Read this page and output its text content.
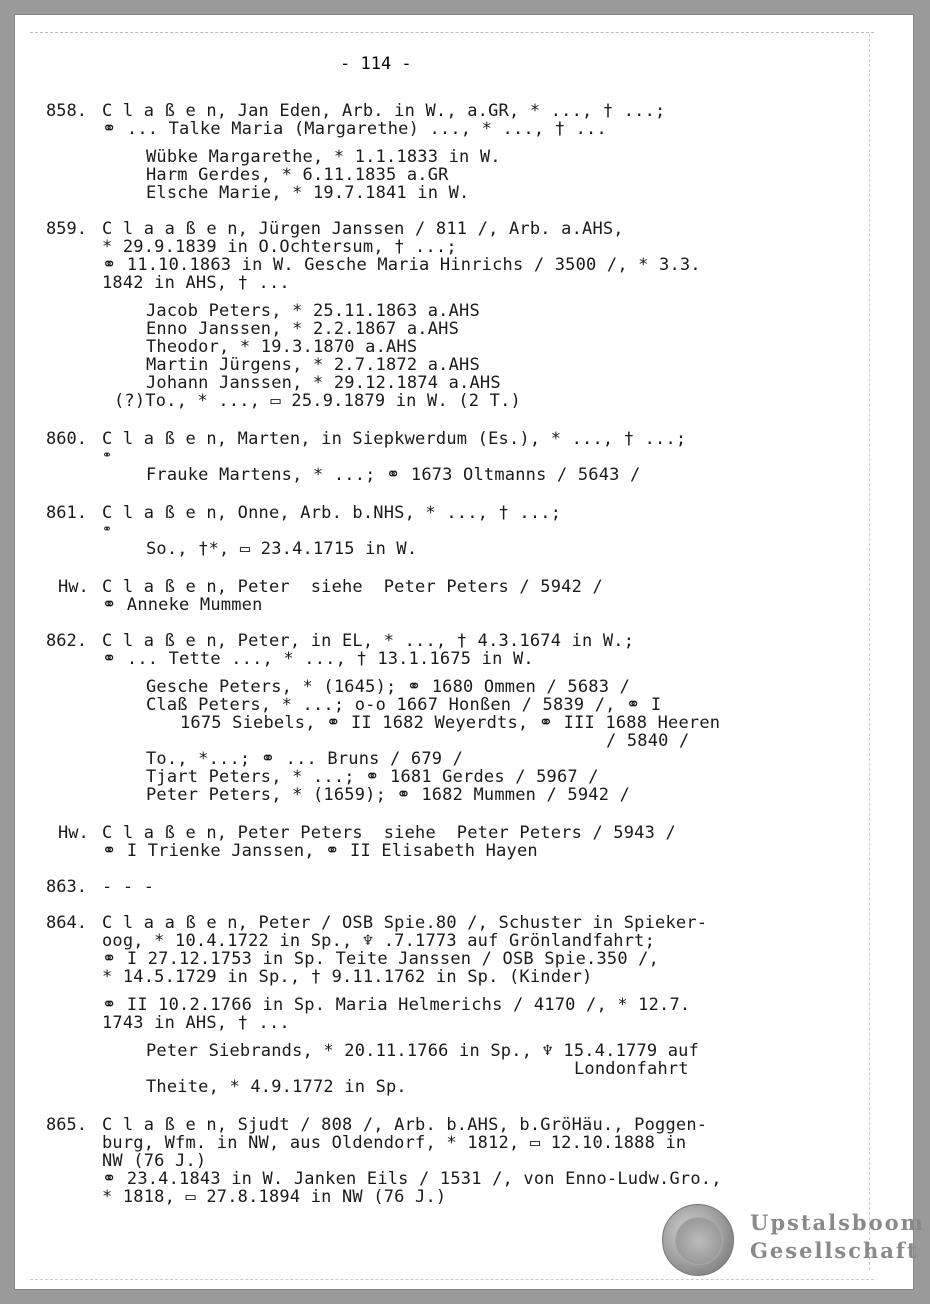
- 114 -
858. C l a ß e n, Jan Eden, Arb. in W., a.GR, * ..., † ...;
⚭ ... Talke Maria (Margarethe) ..., * ..., † ...
Wübke Margarethe, * 1.1.1833 in W.
Harm Gerdes, * 6.11.1835 a.GR
Elsche Marie, * 19.7.1841 in W.
859. C l a a ß e n, Jürgen Janssen / 811 /, Arb. a.AHS,
* 29.9.1839 in O.Ochtersum, † ...;
⚭ 11.10.1863 in W. Gesche Maria Hinrichs / 3500 /, * 3.3.
1842 in AHS, † ...
Jacob Peters, * 25.11.1863 a.AHS
Enno Janssen, * 2.2.1867 a.AHS
Theodor, * 19.3.1870 a.AHS
Martin Jürgens, * 2.7.1872 a.AHS
Johann Janssen, * 29.12.1874 a.AHS
(?)To., * ..., ▭ 25.9.1879 in W. (2 T.)
860. C l a ß e n, Marten, in Siepkwerdum (Es.), * ..., † ...;
⚭
Frauke Martens, * ...; ⚭ 1673 Oltmanns / 5643 /
861. C l a ß e n, Onne, Arb. b.NHS, * ..., † ...;
⚭
So., †*, ▭ 23.4.1715 in W.
Hw. C l a ß e n, Peter  siehe  Peter Peters / 5942 /
⚭ Anneke Mummen
862. C l a ß e n, Peter, in EL, * ..., † 4.3.1674 in W.;
⚭ ... Tette ..., * ..., † 13.1.1675 in W.
Gesche Peters, * (1645); ⚭ 1680 Ommen / 5683 /
Claß Peters, * ...; o-o 1667 Honßen / 5839 /, ⚭ I
1675 Siebels, ⚭ II 1682 Weyerdts, ⚭ III 1688 Heeren
/ 5840 /
To., *...; ⚭ ... Bruns / 679 /
Tjart Peters, * ...; ⚭ 1681 Gerdes / 5967 /
Peter Peters, * (1659); ⚭ 1682 Mummen / 5942 /
Hw. C l a ß e n, Peter Peters  siehe  Peter Peters / 5943 /
⚭ I Trienke Janssen, ⚭ II Elisabeth Hayen
863. - - -
864. C l a a ß e n, Peter / OSB Spie.80 /, Schuster in Spieker-
oog, * 10.4.1722 in Sp., ♆ .7.1773 auf Grönlandfahrt;
⚭ I 27.12.1753 in Sp. Teite Janssen / OSB Spie.350 /,
* 14.5.1729 in Sp., † 9.11.1762 in Sp. (Kinder)
⚭ II 10.2.1766 in Sp. Maria Helmerichs / 4170 /, * 12.7.
1743 in AHS, † ...
Peter Siebrands, * 20.11.1766 in Sp., ♆ 15.4.1779 auf
Londonfahrt
Theite, * 4.9.1772 in Sp.
865. C l a ß e n, Sjudt / 808 /, Arb. b.AHS, b.GröHäu., Poggen-
burg, Wfm. in NW, aus Oldendorf, * 1812, ▭ 12.10.1888 in
NW (76 J.)
⚭ 23.4.1843 in W. Janken Eils / 1531 /, von Enno-Ludw.Gro.,
* 1818, ▭ 27.8.1894 in NW (76 J.)
Upstalsboom
Gesellschaft
